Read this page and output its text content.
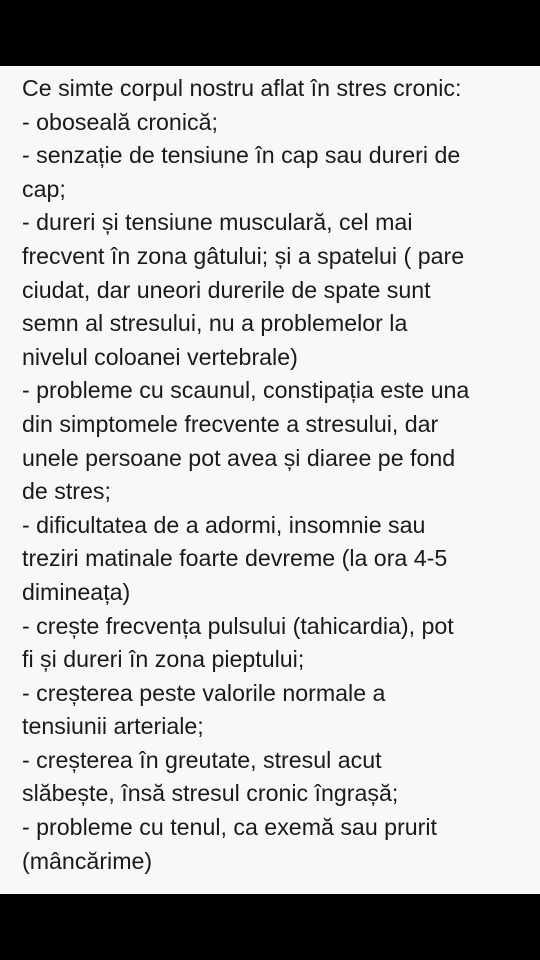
Ce simte corpul nostru aflat în stres cronic:
- oboseală cronică;
- senzație de tensiune în cap sau dureri de
cap;
- dureri și tensiune musculară, cel mai
frecvent în zona gâtului; și a spatelui ( pare
ciudat, dar uneori durerile de spate sunt
semn al stresului, nu a problemelor la
nivelul coloanei vertebrale)
- probleme cu scaunul, constipația este una
din simptomele frecvente a stresului, dar
unele persoane pot avea și diaree pe fond
de stres;
- dificultatea de a adormi, insomnie sau
treziri matinale foarte devreme (la ora 4-5
dimineața)
- crește frecvența pulsului (tahicardia), pot
fi și dureri în zona pieptului;
- creșterea peste valorile normale a
tensiunii arteriale;
- creșterea în greutate, stresul acut
slăbește, însă stresul cronic îngrașă;
- probleme cu tenul, ca exemă sau prurit
(mâncărime)
